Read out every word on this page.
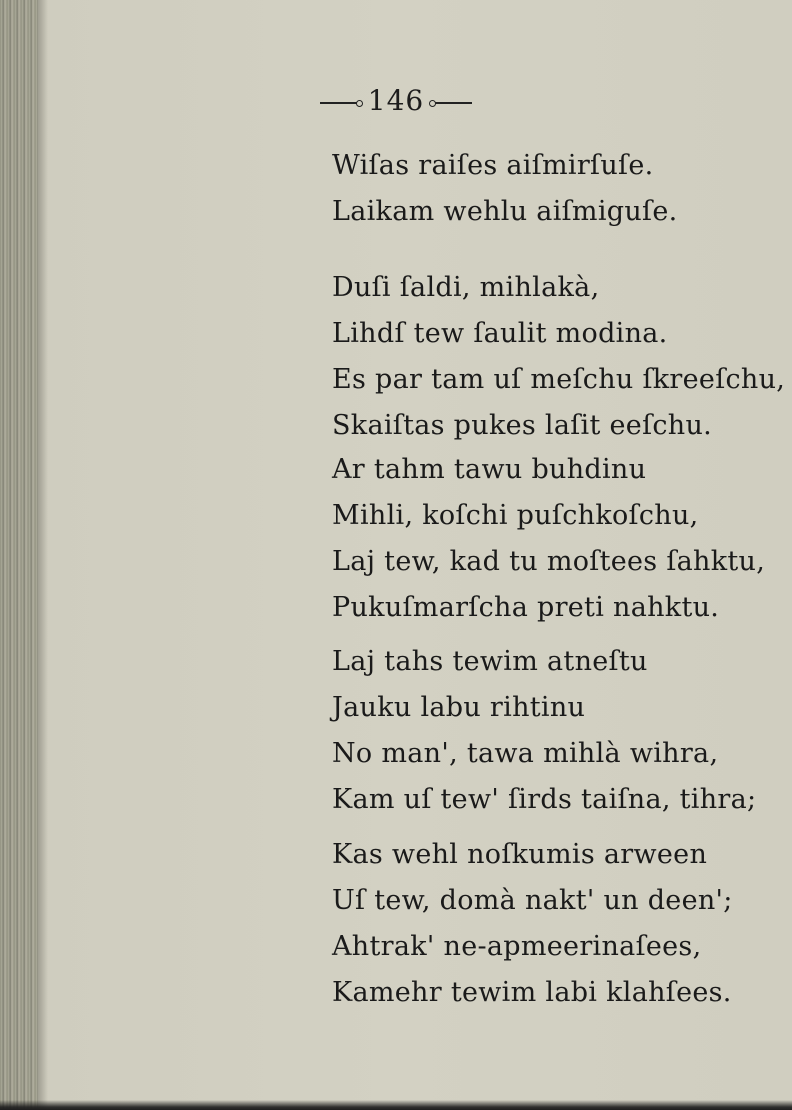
146
Wiſas raiſes aiſmirſuſe.
Laikam wehlu aiſmiguſe.
Duſi ſaldi, mihlakà,
Lihdſ tew ſaulit modina.
Es par tam uſ meſchu ſkreeſchu,
Skaiſtas pukes laſit eeſchu.
Ar tahm tawu buhdinu
Mihli, koſchi puſchkoſchu,
Laj tew, kad tu moſtees ſahktu,
Pukuſmarſcha preti nahktu.
Laj tahs tewim atneſtu
Jauku labu rihtinu
No man', tawa mihlà wihra,
Kam uſ tew' ſirds taiſna, tihra;
Kas wehl noſkumis arween
Uſ tew, domà nakt' un deen';
Ahtrak' ne-apmeerinaſees,
Kamehr tewim labi klahſees.
